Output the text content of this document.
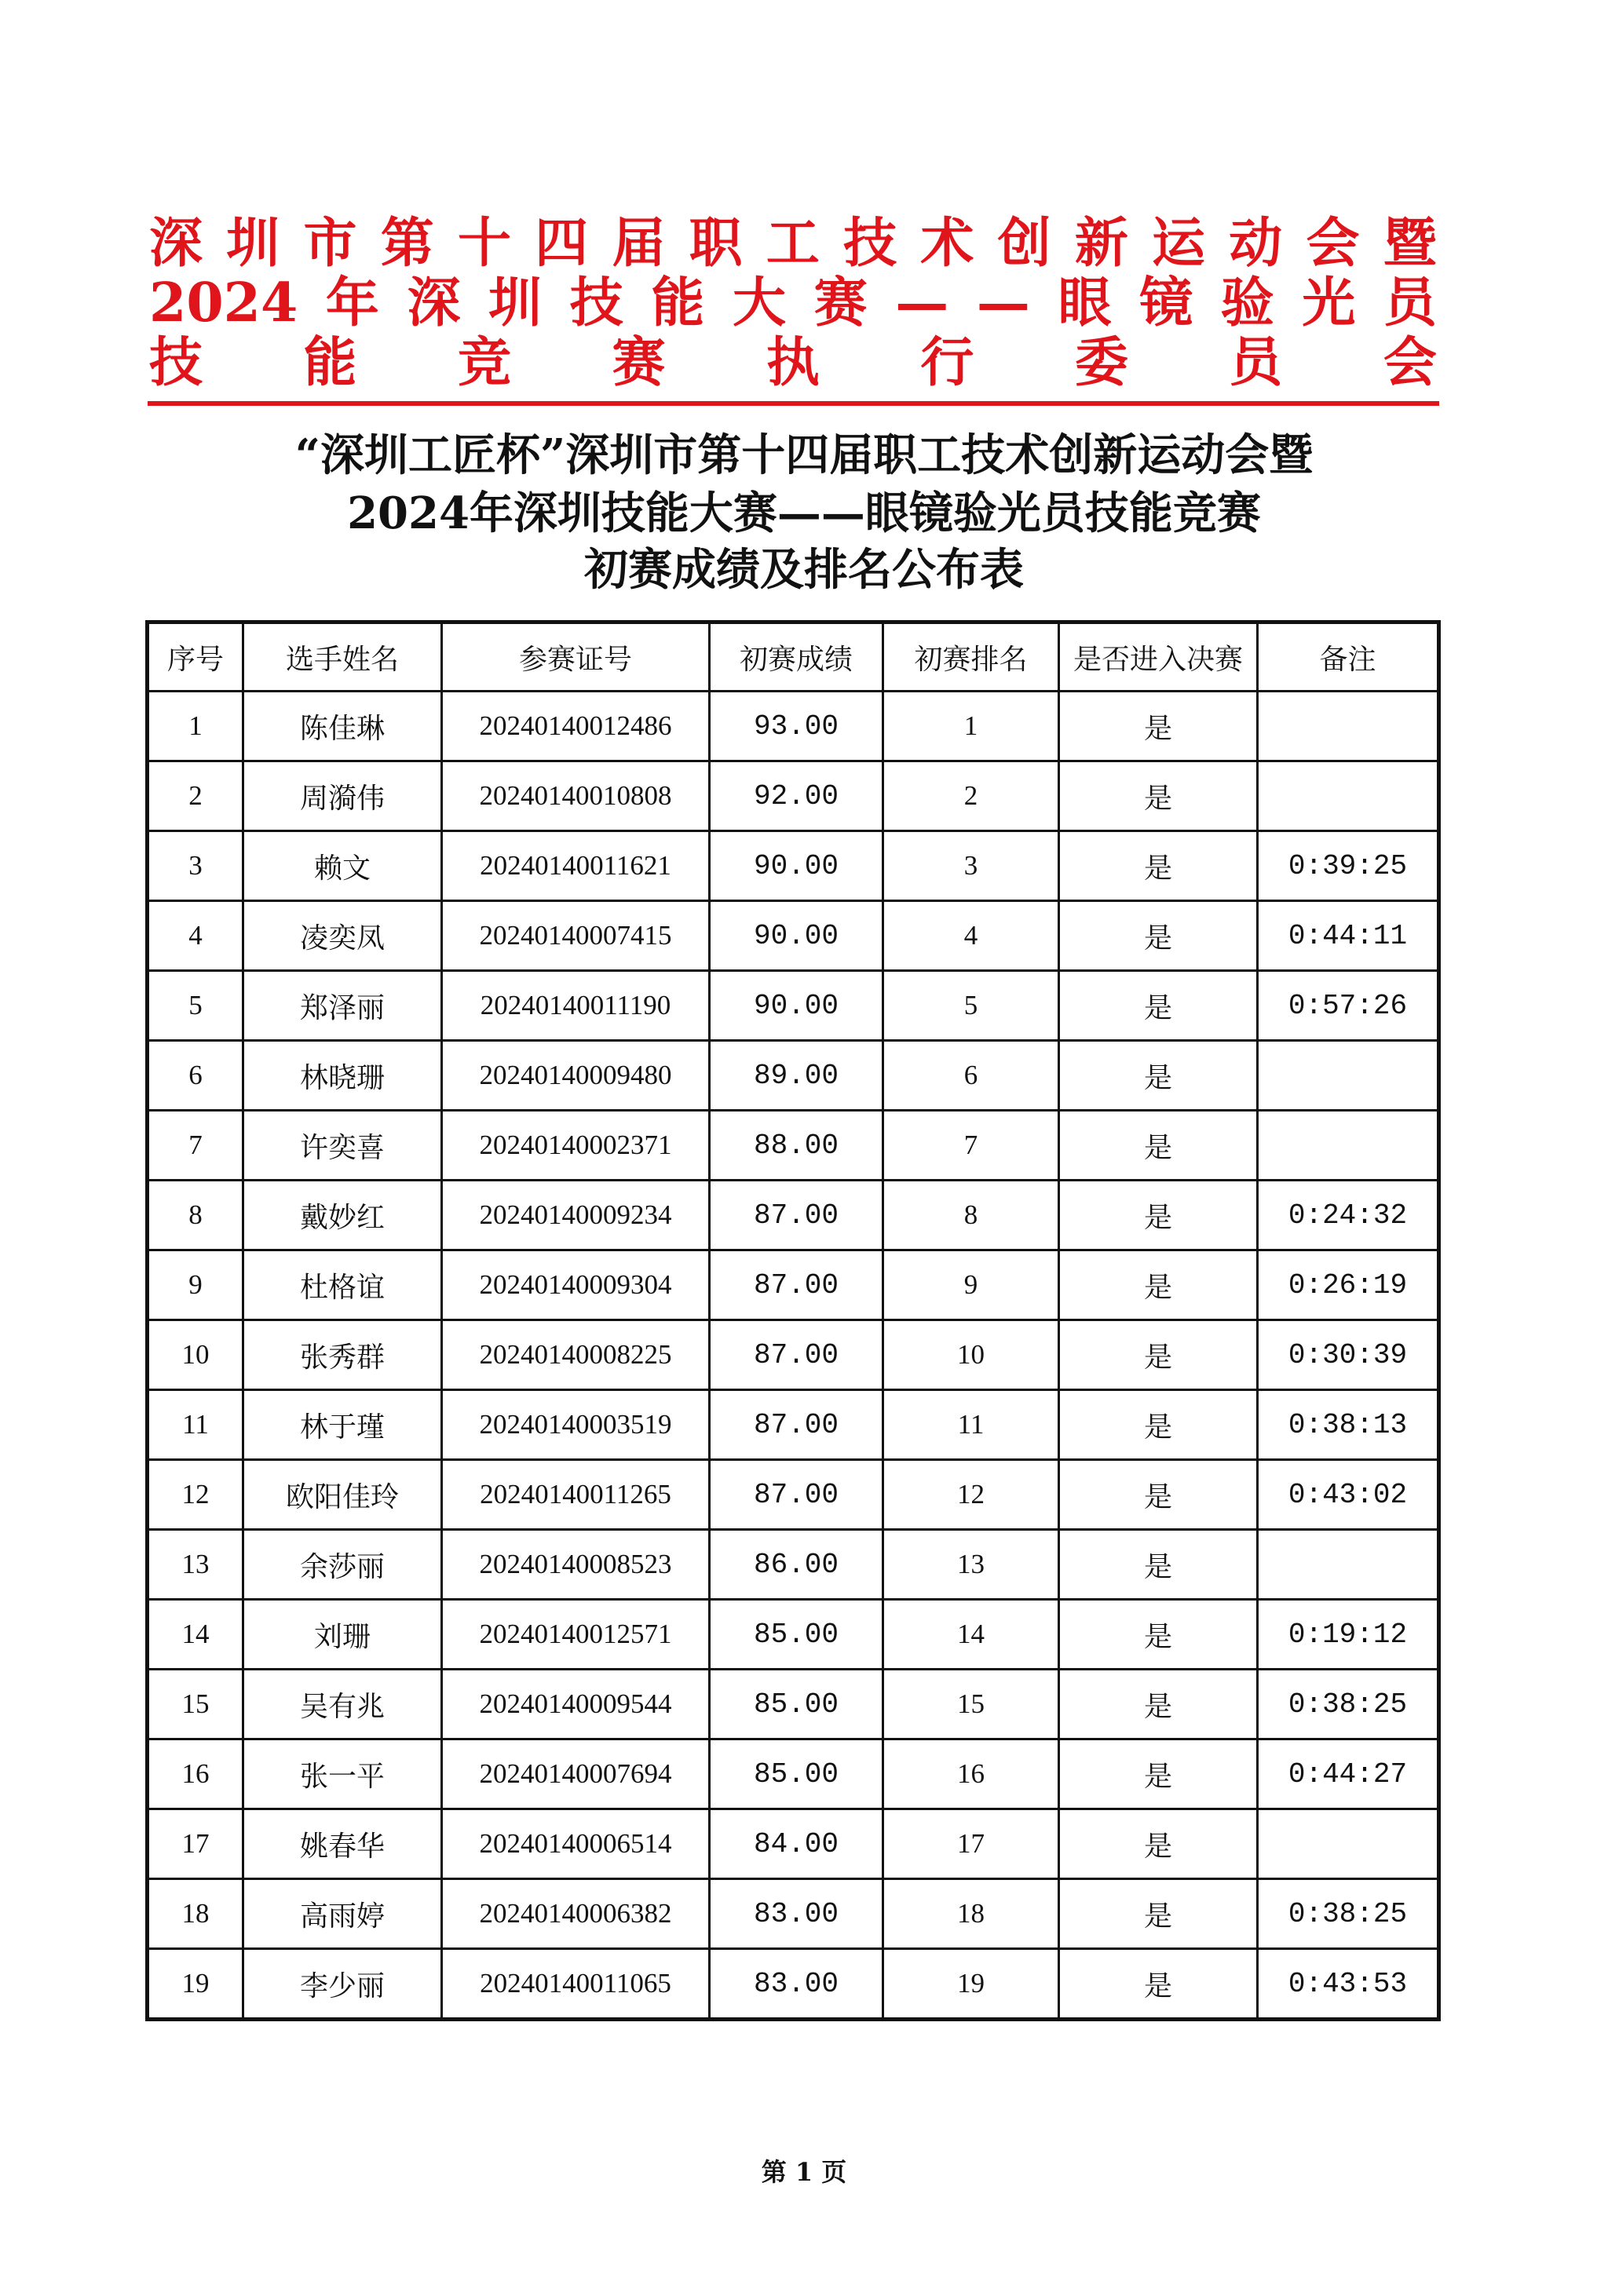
深 圳 市 第 十 四 届 职 工 技 术 创 新 运 动 会 暨
2024 年 深 圳 技 能 大 赛 — — 眼 镜 验 光 员
技 能 竞 赛 执 行 委 员 会
“深圳工匠杯”深圳市第十四届职工技术创新运动会暨
2024年深圳技能大赛——眼镜验光员技能竞赛
初赛成绩及排名公布表
序号	选手姓名	参赛证号	初赛成绩	初赛排名	是否进入决赛	备注
1	陈佳琳	20240140012486	93.00	1	是	
2	周漪伟	20240140010808	92.00	2	是	
3	赖文	20240140011621	90.00	3	是	0:39:25
4	凌奕凤	20240140007415	90.00	4	是	0:44:11
5	郑泽丽	20240140011190	90.00	5	是	0:57:26
6	林晓珊	20240140009480	89.00	6	是	
7	许奕喜	20240140002371	88.00	7	是	
8	戴妙红	20240140009234	87.00	8	是	0:24:32
9	杜格谊	20240140009304	87.00	9	是	0:26:19
10	张秀群	20240140008225	87.00	10	是	0:30:39
11	林于瑾	20240140003519	87.00	11	是	0:38:13
12	欧阳佳玲	20240140011265	87.00	12	是	0:43:02
13	余莎丽	20240140008523	86.00	13	是	
14	刘珊	20240140012571	85.00	14	是	0:19:12
15	吴有兆	20240140009544	85.00	15	是	0:38:25
16	张一平	20240140007694	85.00	16	是	0:44:27
17	姚春华	20240140006514	84.00	17	是	
18	高雨婷	20240140006382	83.00	18	是	0:38:25
19	李少丽	20240140011065	83.00	19	是	0:43:53
第 1 页
